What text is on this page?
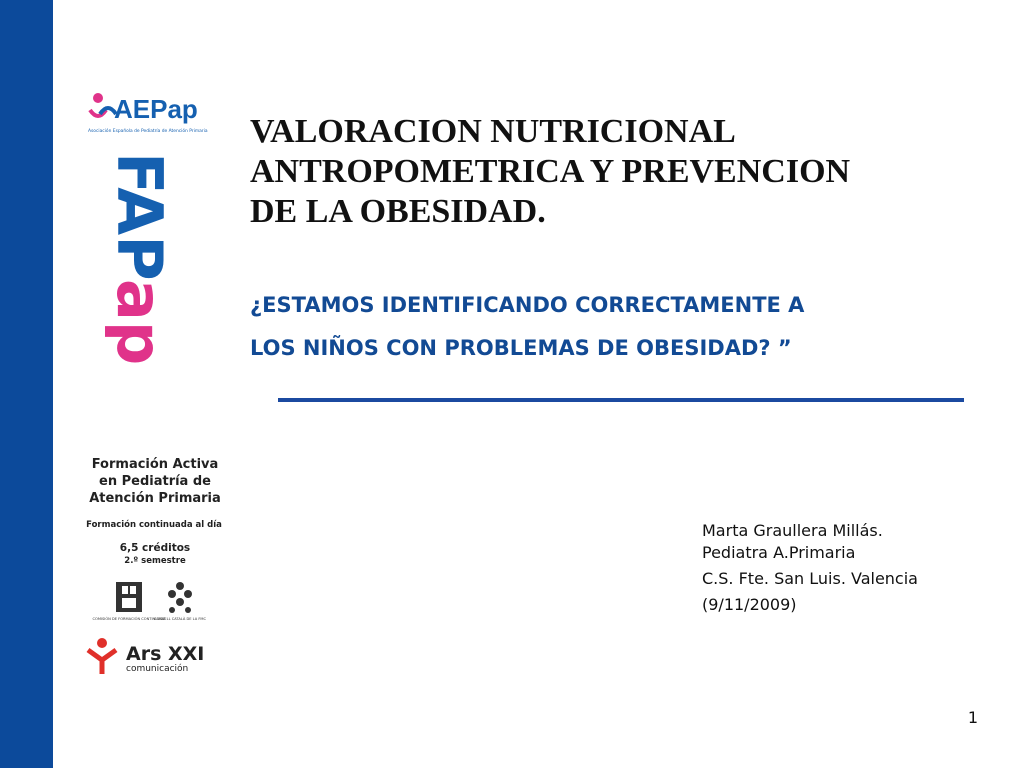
AEPap
Asociación Española de Pediatría de Atención Primaria
FAPap
Formación Activa
en Pediatría de
Atención Primaria
Formación continuada al día
6,5 créditos
2.º semestre
COMISIÓN DE FORMACIÓN CONTINUADA
CONSELL CATALÀ DE LA FMC
Ars XXI
comunicación
VALORACION NUTRICIONAL
ANTROPOMETRICA Y PREVENCION
DE LA OBESIDAD.

¿ESTAMOS IDENTIFICANDO CORRECTAMENTE A
LOS NIÑOS CON PROBLEMAS DE OBESIDAD? ”

Marta Graullera Millás.
Pediatra A.Primaria
C.S. Fte. San Luis. Valencia
(9/11/2009)
1
